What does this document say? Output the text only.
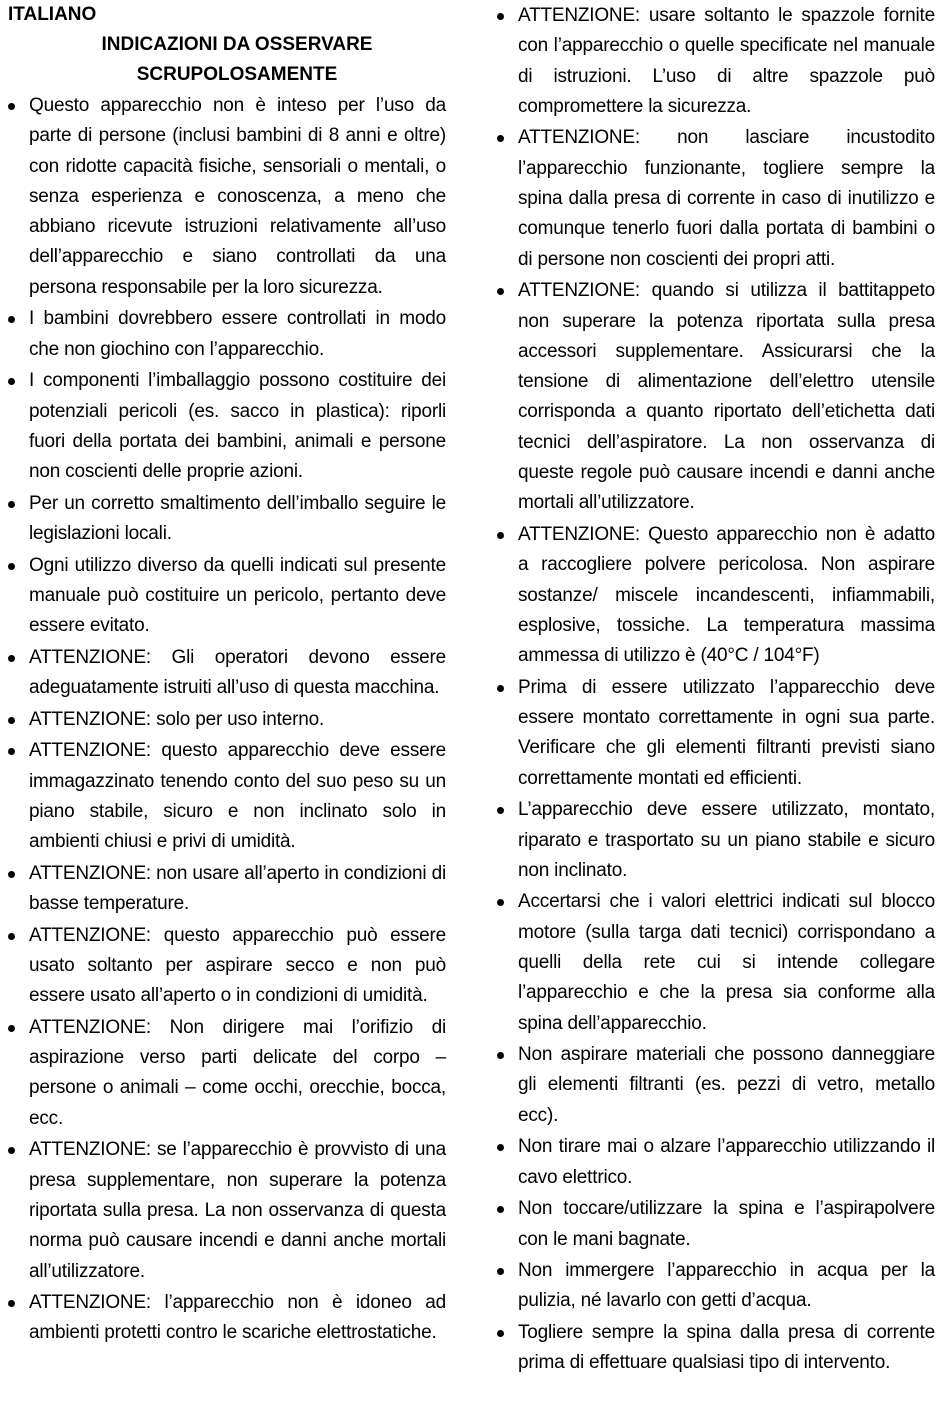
ITALIANO
INDICAZIONI DA OSSERVARE SCRUPOLOSAMENTE
Questo apparecchio non è inteso per l’uso da parte di persone (inclusi bambini di 8 anni e oltre) con ridotte capacità fisiche, sensoriali o mentali, o senza esperienza e conoscenza, a meno che abbiano ricevute istruzioni relativamente all’uso dell’apparecchio e siano controllati da una persona responsabile per la loro sicurezza.
I bambini dovrebbero essere controllati in modo che non giochino con l’apparecchio.
I componenti l’imballaggio possono costituire dei potenziali pericoli (es. sacco in plastica): riporli fuori della portata dei bambini, animali e persone non coscienti delle proprie azioni.
Per un corretto smaltimento dell’imballo seguire le legislazioni locali.
Ogni utilizzo diverso da quelli indicati sul presente manuale può costituire un pericolo, pertanto deve essere evitato.
ATTENZIONE: Gli operatori devono essere adeguatamente istruiti all’uso di questa macchina.
ATTENZIONE: solo per uso interno.
ATTENZIONE: questo apparecchio deve essere immagazzinato tenendo conto del suo peso su un piano stabile, sicuro e non inclinato solo in ambienti chiusi e privi di umidità.
ATTENZIONE: non usare all’aperto in condizioni di basse temperature.
ATTENZIONE: questo apparecchio può essere usato soltanto per aspirare secco e non può essere usato all’aperto o in condizioni di umidità.
ATTENZIONE: Non dirigere mai l’orifizio di aspirazione verso parti delicate del corpo – persone o animali – come occhi, orecchie, bocca, ecc.
ATTENZIONE: se l’apparecchio è provvisto di una presa supplementare, non superare la potenza riportata sulla presa. La non osservanza di questa norma può causare incendi e danni anche mortali all’utilizzatore.
ATTENZIONE: l’apparecchio non è idoneo ad ambienti protetti contro le scariche elettrostatiche.
ATTENZIONE: usare soltanto le spazzole fornite con l’apparecchio o quelle specificate nel manuale di istruzioni. L’uso di altre spazzole può compromettere la sicurezza.
ATTENZIONE: non lasciare incustodito l’apparecchio funzionante, togliere sempre la spina dalla presa di corrente in caso di inutilizzo e comunque tenerlo fuori dalla portata di bambini o di persone non coscienti dei propri atti.
ATTENZIONE: quando si utilizza il battitappeto non superare la potenza riportata sulla presa accessori supplementare. Assicurarsi che la tensione di alimentazione dell’elettro utensile corrisponda a quanto riportato dell’etichetta dati tecnici dell’aspiratore. La non osservanza di queste regole può causare incendi e danni anche mortali all’utilizzatore.
ATTENZIONE: Questo apparecchio non è adatto a raccogliere polvere pericolosa. Non aspirare sostanze/ miscele incandescenti, infiammabili, esplosive, tossiche. La temperatura massima ammessa di utilizzo è (40°C / 104°F)
Prima di essere utilizzato l’apparecchio deve essere montato correttamente in ogni sua parte. Verificare che gli elementi filtranti previsti siano correttamente montati ed efficienti.
L’apparecchio deve essere utilizzato, montato, riparato e trasportato su un piano stabile e sicuro non inclinato.
Accertarsi che i valori elettrici indicati sul blocco motore (sulla targa dati tecnici) corrispondano a quelli della rete cui si intende collegare l’apparecchio e che la presa sia conforme alla spina dell’apparecchio.
Non aspirare materiali che possono danneggiare gli elementi filtranti (es. pezzi di vetro, metallo ecc).
Non tirare mai o alzare l’apparecchio utilizzando il cavo elettrico.
Non toccare/utilizzare la spina e l’aspirapolvere con le mani bagnate.
Non immergere l’apparecchio in acqua per la pulizia, né lavarlo con getti d’acqua.
Togliere sempre la spina dalla presa di corrente prima di effettuare qualsiasi tipo di intervento.
